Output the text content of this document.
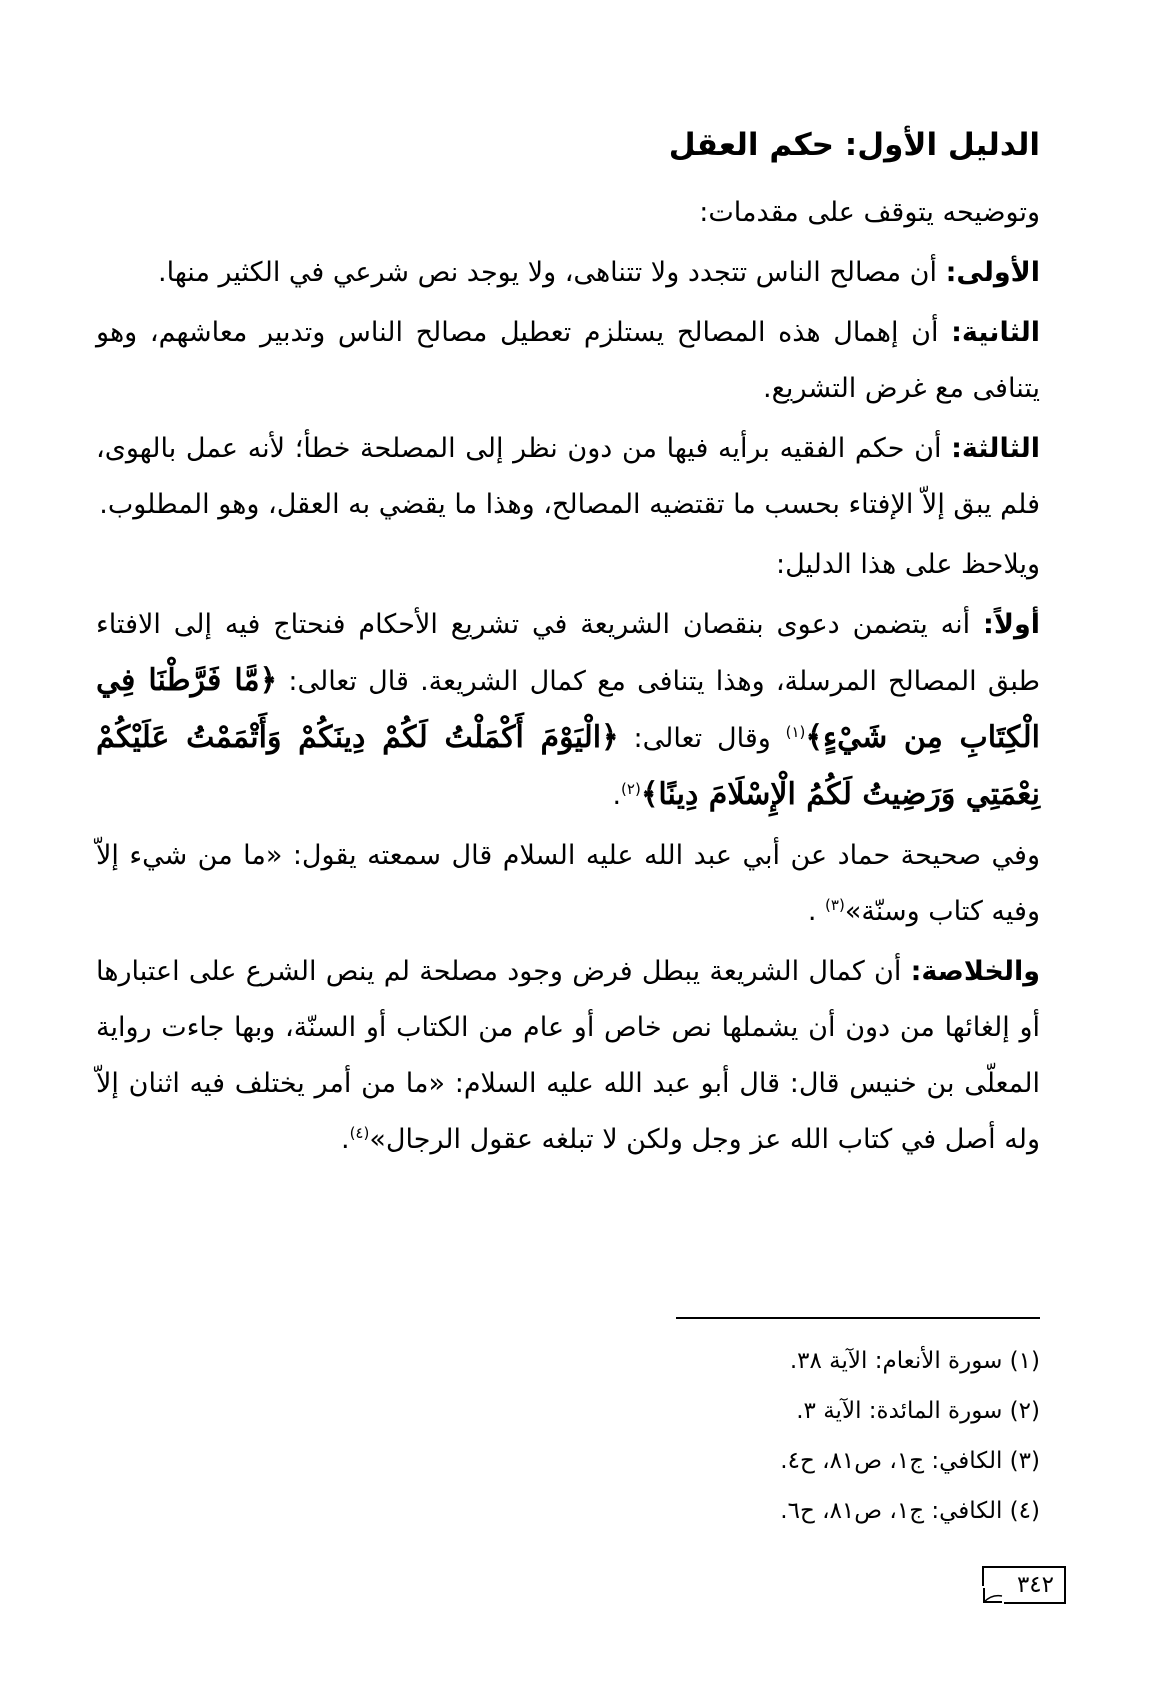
الدليل الأول: حكم العقل

وتوضيحه يتوقف على مقدمات:

الأولى: أن مصالح الناس تتجدد ولا تتناهى، ولا يوجد نص شرعي في الكثير منها.

الثانية: أن إهمال هذه المصالح يستلزم تعطيل مصالح الناس وتدبير معاشهم، وهو يتنافى مع غرض التشريع.

الثالثة: أن حكم الفقيه برأيه فيها من دون نظر إلى المصلحة خطأ؛ لأنه عمل بالهوى، فلم يبق إلاّ الإفتاء بحسب ما تقتضيه المصالح، وهذا ما يقضي به العقل، وهو المطلوب.

ويلاحظ على هذا الدليل:

أولاً: أنه يتضمن دعوى بنقصان الشريعة في تشريع الأحكام فنحتاج فيه إلى الافتاء طبق المصالح المرسلة، وهذا يتنافى مع كمال الشريعة. قال تعالى: ﴿مَّا فَرَّطْنَا فِي الْكِتَابِ مِن شَيْءٍ﴾$^{(١)}$ وقال تعالى: ﴿الْيَوْمَ أَكْمَلْتُ لَكُمْ دِينَكُمْ وَأَتْمَمْتُ عَلَيْكُمْ نِعْمَتِي وَرَضِيتُ لَكُمُ الْإِسْلَامَ دِينًا﴾$^{(٢)}$.

وفي صحيحة حماد عن أبي عبد الله عليه السلام قال سمعته يقول: «ما من شيء إلاّ وفيه كتاب وسنّة»$^{(٣)}$ .

والخلاصة: أن كمال الشريعة يبطل فرض وجود مصلحة لم ينص الشرع على اعتبارها أو إلغائها من دون أن يشملها نص خاص أو عام من الكتاب أو السنّة، وبها جاءت رواية المعلّى بن خنيس قال: قال أبو عبد الله عليه السلام: «ما من أمر يختلف فيه اثنان إلاّ وله أصل في كتاب الله عز وجل ولكن لا تبلغه عقول الرجال»$^{(٤)}$.

(١) سورة الأنعام: الآية ٣٨.
(٢) سورة المائدة: الآية ٣.
(٣) الكافي: ج١، ص٨١، ح٤.
(٤) الكافي: ج١، ص٨١، ح٦.
٣٤٢
